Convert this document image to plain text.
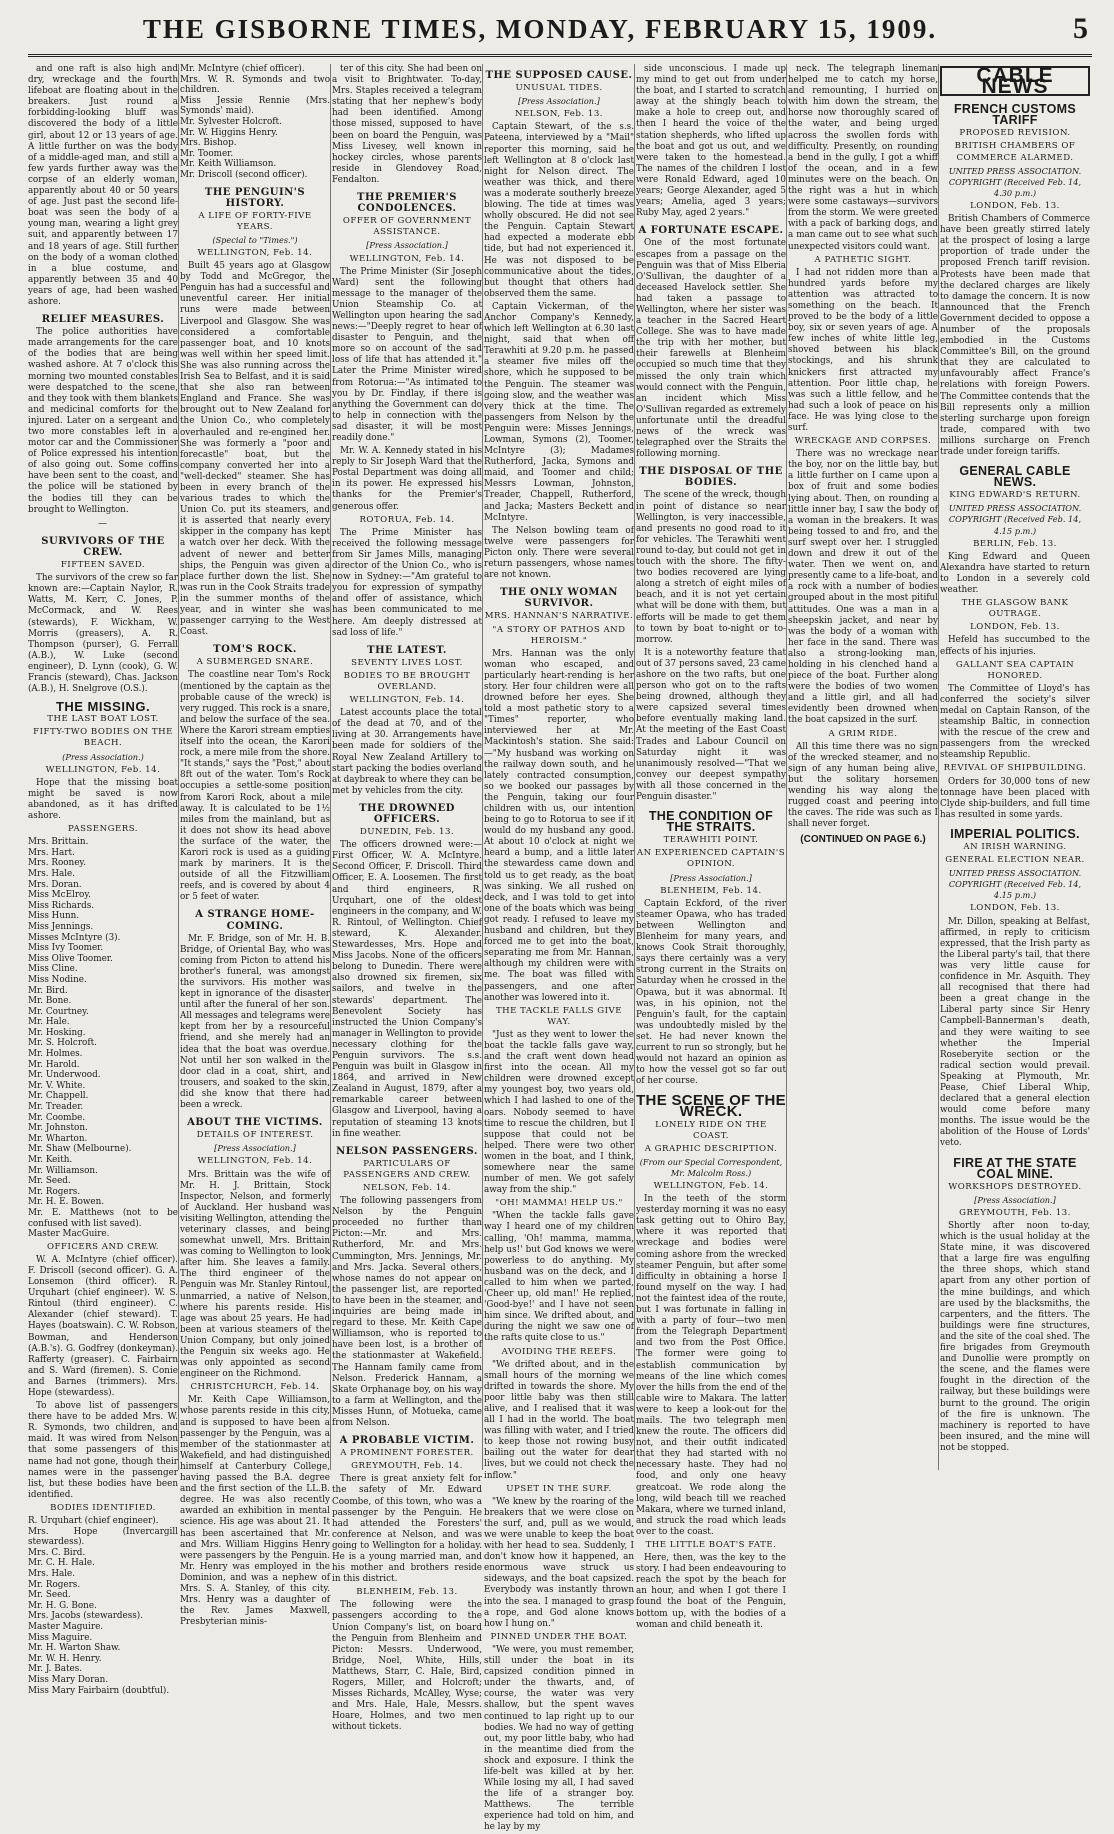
THE GISBORNE TIMES, MONDAY, FEBRUARY 15, 1909.	5

and one raft is also high and dry, wreckage and the fourth lifeboat are floating about in the breakers. Just round a forbidding-looking bluff was discovered the body of a little girl, about 12 or 13 years of age. A little further on was the body of a middle-aged man, and still a few yards further away was the corpse of an elderly woman, apparently about 40 or 50 years of age. Just past the second life-boat was seen the body of a young man, wearing a light grey suit, and apparently between 17 and 18 years of age. Still further on the body of a woman clothed in a blue costume, and apparently between 35 and 40 years of age, had been washed ashore.

RELIEF MEASURES.

The police authorities have made arrangements for the care of the bodies that are being washed ashore. At 7 o'clock this morning two mounted constables were despatched to the scene, and they took with them blankets and medicinal comforts for the injured. Later on a sergeant and two more constables left in a motor car and the Commissioner of Police expressed his intention of also going out. Some coffins have been sent to the coast, and the police will be stationed by the bodies till they can be brought to Wellington.

—
SURVIVORS OF THE CREW.
FIFTEEN SAVED.

The survivors of the crew so far known are:—Captain Naylor, R. Watts, M. Kerr, C. Jones, P. McCormack, and W. Rees (stewards), F. Wickham, W. Morris (greasers), A. R. Thompson (purser), G. Ferrall (A.B.), W. Luke (second engineer), D. Lynn (cook), G. W. Francis (steward), Chas. Jackson (A.B.), H. Snelgrove (O.S.).

THE MISSING.
THE LAST BOAT LOST.
FIFTY-TWO BODIES ON THE BEACH.
(Press Association.)
WELLINGTON, Feb. 14.

Hope that the missing boat might be saved is now abandoned, as it has drifted ashore.

PASSENGERS.

Mrs. Brittain.

Mrs. Hart.

Mrs. Rooney.

Mrs. Hale.

Mrs. Doran.

Miss McElroy.

Miss Richards.

Miss Hunn.

Miss Jennings.

Misses McIntyre (3).

Miss Ivy Toomer.

Miss Olive Toomer.

Miss Cline.

Miss Nodine.

Mr. Bird.

Mr. Bone.

Mr. Courtney.

Mr. Hale.

Mr. Hosking.

Mr. S. Holcroft.

Mr. Holmes.

Mr. Harold.

Mr. Underwood.

Mr. V. White.

Mr. Chappell.

Mr. Treader.

Mr. Coombe.

Mr. Johnston.

Mr. Wharton.

Mr. Shaw (Melbourne).

Mr. Keith.

Mr. Williamson.

Mr. Seed.

Mr. Rogers.

Mr. H. E. Bowen.

Mr. E. Matthews (not to be confused with list saved).

Master MacGuire.

OFFICERS AND CREW.

W. A. McIntyre (chief officer). F. Driscoll (second officer). G. A. Lonsemon (third officer). R. Urquhart (chief engineer). W. S. Rintoul (third engineer). C. Alexander (chief steward). T. Hayes (boatswain). C. W. Robson, Bowman, and Henderson (A.B.'s). G. Godfrey (donkeyman). Rafferty (greaser). C. Fairbairn and S. Ward (firemen). S. Conie and Barnes (trimmers). Mrs. Hope (stewardess).

To above list of passengers there have to be added Mrs. W. R. Symonds, two children, and maid. It was wired from Nelson that some passengers of this name had not gone, though their names were in the passenger list, but these bodies have been identified.

BODIES IDENTIFIED.

R. Urquhart (chief engineer).

Mrs. Hope (Invercargill stewardess).

Mrs. C. Bird.

Mr. C. H. Hale.

Mrs. Hale.

Mr. Rogers.

Mr. Seed.

Mr. H. G. Bone.

Mrs. Jacobs (stewardess).

Master Maguire.

Miss Maguire.

Mr. H. Warton Shaw.

Mr. W. H. Henry.

Mr. J. Bates.

Miss Mary Doran.

Miss Mary Fairbairn (doubtful).

Mr. McIntyre (chief officer).

Mrs. W. R. Symonds and two children.

Miss Jessie Rennie (Mrs. Symonds' maid).

Mr. Sylvester Holcroft.

Mr. W. Higgins Henry.

Mrs. Bishop.

Mr. Toomer.

Mr. Keith Williamson.

Mr. Driscoll (second officer).

THE PENGUIN'S HISTORY.
A LIFE OF FORTY-FIVE YEARS.
(Special to "Times.")
WELLINGTON, Feb. 14.

Built 45 years ago at Glasgow by Todd and McGregor, the Penguin has had a successful and uneventful career. Her initial runs were made between Liverpool and Glasgow. She was considered a comfortable passenger boat, and 10 knots was well within her speed limit. She was also running across the Irish Sea to Belfast, and it is said that she also ran between England and France. She was brought out to New Zealand for the Union Co., who completely overhauled and re-engined her. She was formerly a "poor and forecastle" boat, but the company converted her into a "well-decked" steamer. She has been in every branch of the various trades to which the Union Co. put its steamers, and it is asserted that nearly every skipper in the company has kept a watch over her deck. With the advent of newer and better ships, the Penguin was given a place further down the list. She was run in the Cook Straits trade in the summer months of the year, and in winter she was passenger carrying to the West Coast.

TOM'S ROCK.
A SUBMERGED SNARE.

The coastline near Tom's Rock (mentioned by the captain as the probable cause of the wreck) is very rugged. This rock is a snare, and below the surface of the sea. Where the Karori stream empties itself into the ocean, the Karori rock, a mere mile from the shore. "It stands," says the "Post," about 8ft out of the water. Tom's Rock occupies a settle-some position from Karori Rock, about a mile away. It is calculated to be 1½ miles from the mainland, but as it does not show its head above the surface of the water, the Karori rock is used as a guiding mark by mariners. It is the outside of all the Fitzwilliam reefs, and is covered by about 4 or 5 feet of water.

A STRANGE HOME-COMING.

Mr. F. Bridge, son of Mr. H. B. Bridge, of Oriental Bay, who was coming from Picton to attend his brother's funeral, was amongst the survivors. His mother was kept in ignorance of the disaster until after the funeral of her son. All messages and telegrams were kept from her by a resourceful friend, and she merely had an idea that the boat was overdue. Not until her son walked in the door clad in a coat, shirt, and trousers, and soaked to the skin, did she know that there had been a wreck.

ABOUT THE VICTIMS.
DETAILS OF INTEREST.
[Press Association.]
WELLINGTON, Feb. 14.

Mrs. Brittain was the wife of Mr. H. J. Brittain, Stock Inspector, Nelson, and formerly of Auckland. Her husband was visiting Wellington, attending the veterinary classes, and being somewhat unwell, Mrs. Brittain was coming to Wellington to look after him. She leaves a family. The third engineer of the Penguin was Mr. Stanley Rintoul, unmarried, a native of Nelson, where his parents reside. His age was about 25 years. He had been at various steamers of the Union Company, but only joined the Penguin six weeks ago. He was only appointed as second engineer on the Richmond.

CHRISTCHURCH, Feb. 14.

Mr. Keith Cape Williamson, whose parents reside in this city, and is supposed to have been a passenger by the Penguin, was a member of the stationmaster at Wakefield, and had distinguished himself at Canterbury College, having passed the B.A. degree and the first section of the LL.B. degree. He was also recently awarded an exhibition in mental science. His age was about 21. It has been ascertained that Mr. and Mrs. William Higgins Henry were passengers by the Penguin. Mr. Henry was employed in the Dominion, and was a nephew of Mrs. S. A. Stanley, of this city. Mrs. Henry was a daughter of the Rev. James Maxwell, Presbyterian minis-

ter of this city. She had been on a visit to Brightwater. To-day, Mrs. Staples received a telegram stating that her nephew's body had been identified. Among those missed, supposed to have been on board the Penguin, was Miss Livesey, well known in hockey circles, whose parents reside in Glendovey Road, Fendalton.

THE PREMIER'S CONDOLENCES.
OFFER OF GOVERNMENT ASSISTANCE.
[Press Association.]
WELLINGTON, Feb. 14.

The Prime Minister (Sir Joseph Ward) sent the following message to the manager of the Union Steamship Co. at Wellington upon hearing the sad news:—"Deeply regret to hear of disaster to Penguin, and the more so on account of the sad loss of life that has attended it." Later the Prime Minister wired from Rotorua:—"As intimated to you by Dr. Findlay, if there is anything the Government can do to help in connection with the sad disaster, it will be most readily done."

Mr. W. A. Kennedy stated in his reply to Sir Joseph Ward that the Postal Department was doing all in its power. He expressed his thanks for the Premier's generous offer.

ROTORUA, Feb. 14.

The Prime Minister has received the following message from Sir James Mills, managing director of the Union Co., who is now in Sydney:—"Am grateful to you for expression of sympathy and offer of assistance, which has been communicated to me here. Am deeply distressed at sad loss of life."

THE LATEST.
SEVENTY LIVES LOST.
BODIES TO BE BROUGHT OVERLAND.
WELLINGTON, Feb. 14.

Latest accounts place the total of the dead at 70, and of the living at 30. Arrangements have been made for soldiers of the Royal New Zealand Artillery to start packing the bodies overland at daybreak to where they can be met by vehicles from the city.

THE DROWNED OFFICERS.
DUNEDIN, Feb. 13.

The officers drowned were:—First Officer, W. A. McIntyre. Second Officer, F. Driscoll. Third Officer, E. A. Loosemen. The first and third engineers, R. Urquhart, one of the oldest engineers in the company, and W. R. Rintoul, of Wellington. Chief steward, K. Alexander. Stewardesses, Mrs. Hope and Miss Jacobs. None of the officers belong to Dunedin. There were also drowned six firemen, six sailors, and twelve in the stewards' department. The Benevolent Society has instructed the Union Company's manager in Wellington to provide necessary clothing for the Penguin survivors. The s.s. Penguin was built in Glasgow in 1864, and arrived in New Zealand in August, 1879, after a remarkable career between Glasgow and Liverpool, having a reputation of steaming 13 knots in fine weather.

NELSON PASSENGERS.
PARTICULARS OF PASSENGERS AND CREW.
NELSON, Feb. 14.

The following passengers from Nelson by the Penguin proceeded no further than Picton:—Mr. and Mrs. Rutherford, Mr. and Mrs. Cummington, Mrs. Jennings, Mr. and Mrs. Jacka. Several others, whose names do not appear on the passenger list, are reported to have been in the steamer, and inquiries are being made in regard to these. Mr. Keith Cape Williamson, who is reported to have been lost, is a brother of the stationmaster at Wakefield. The Hannam family came from Nelson. Frederick Hannam, a Skate Orphanage boy, on his way to a farm at Wellington, and the Misses Hunn, of Motueka, came from Nelson.

A PROBABLE VICTIM.
A PROMINENT FORESTER.
GREYMOUTH, Feb. 14.

There is great anxiety felt for the safety of Mr. Edward Coombe, of this town, who was a passenger by the Penguin. He had attended the Foresters' conference at Nelson, and was going to Wellington for a holiday. He is a young married man, and his mother and brothers reside in this district.

BLENHEIM, Feb. 13.

The following were the passengers according to the Union Company's list, on board the Penguin from Blenheim and Picton: Messrs. Underwood, Bridge, Noel, White, Hills, Matthews, Starr, C. Hale, Bird, Rogers, Miller, and Holcroft; Misses Richards, McAlley, Wyse; and Mrs. Hale, Hale, Messrs. Hoare, Holmes, and two men without tickets.

THE SUPPOSED CAUSE.
UNUSUAL TIDES.
[Press Association.]
NELSON, Feb. 13.

Captain Stewart, of the s.s. Pateena, interviewed by a "Mail" reporter this morning, said he left Wellington at 8 o'clock last night for Nelson direct. The weather was thick, and there was a moderate southerly breeze blowing. The tide at times was wholly obscured. He did not see the Penguin. Captain Stewart had expected a moderate ebb tide, but had not experienced it. He was not disposed to be communicative about the tides, but thought that others had observed them the same.

Captain Vickerman, of the Anchor Company's Kennedy, which left Wellington at 6.30 last night, said that when off Terawhiti at 9.20 p.m. he passed a steamer five miles off the shore, which he supposed to be the Penguin. The steamer was going slow, and the weather was very thick at the time. The passengers from Nelson by the Penguin were: Misses Jennings, Lowman, Symons (2), Toomer, McIntyre (3); Madames Rutherford, Jacka, Symons and maid, and Toomer and child; Messrs Lowman, Johnston, Treader, Chappell, Rutherford, and Jacka; Masters Beckett and McIntyre.

The Nelson bowling team of twelve were passengers for Picton only. There were several return passengers, whose names are not known.

THE ONLY WOMAN SURVIVOR.
MRS. HANNAN'S NARRATIVE.
"A STORY OF PATHOS AND HEROISM."

Mrs. Hannan was the only woman who escaped, and particularly heart-rending is her story. Her four children were all drowned before her eyes. She told a most pathetic story to a "Times" reporter, who interviewed her at Mr. Mackintosh's station. She said:—"My husband was working on the railway down south, and he lately contracted consumption, so we booked our passages by the Penguin, taking our four children with us, our intention being to go to Rotorua to see if it would do my husband any good. At about 10 o'clock at night we heard a bump, and a little later the stewardess came down and told us to get ready, as the boat was sinking. We all rushed on deck, and I was told to get into one of the boats which was being got ready. I refused to leave my husband and children, but they forced me to get into the boat, separating me from Mr. Hannan, although my children were with me. The boat was filled with passengers, and one after another was lowered into it.

THE TACKLE FALLS GIVE WAY.

"Just as they went to lower the boat the tackle falls gave way, and the craft went down head first into the ocean. All my children were drowned except my youngest boy, two years old, which I had lashed to one of the oars. Nobody seemed to have time to rescue the children, but I suppose that could not be helped. There were two other women in the boat, and I think, somewhere near the same number of men. We got safely away from the ship."

"OH! MAMMA! HELP US."

"When the tackle falls gave way I heard one of my children calling, 'Oh! mamma, mamma, help us!' but God knows we were powerless to do anything. My husband was on the deck, and I called to him when we parted, 'Cheer up, old man!' He replied, 'Good-bye!' and I have not seen him since. We drifted about, and during the night we saw one of the rafts quite close to us."

AVOIDING THE REEFS.

"We drifted about, and in the small hours of the morning we drifted in towards the shore. My poor little baby was then still alive, and I realised that it was all I had in the world. The boat was filling with water, and I tried to keep those not rowing busy bailing out the water for dear lives, but we could not check the inflow."

UPSET IN THE SURF.

"We knew by the roaring of the breakers that we were close on the surf, and, pull as we would, we were unable to keep the boat with her head to sea. Suddenly, I don't know how it happened, an enormous wave struck us sideways, and the boat capsized. Everybody was instantly thrown into the sea. I managed to grasp a rope, and God alone knows how I hung on."

PINNED UNDER THE BOAT.

"We were, you must remember, still under the boat in its capsized condition pinned in under the thwarts, and, of course, the water was very shallow, but the spent waves continued to lap right up to our bodies. We had no way of getting out, my poor little baby, who had in the meantime died from the shock and exposure. I think the life-belt was killed at by her. While losing my all, I had saved the life of a stranger boy. Matthews. The terrible experience had told on him, and he lay by my

side unconscious. I made up my mind to get out from under the boat, and I started to scratch away at the shingly beach to make a hole to creep out, and then I heard the voice of the station shepherds, who lifted up the boat and got us out, and we were taken to the homestead. The names of the children I lost were Ronald Edward, aged 10 years; George Alexander, aged 5 years; Amelia, aged 3 years; Ruby May, aged 2 years."

A FORTUNATE ESCAPE.

One of the most fortunate escapes from a passage on the Penguin was that of Miss Elberia O'Sullivan, the daughter of a deceased Havelock settler. She had taken a passage to Wellington, where her sister was a teacher in the Sacred Heart College. She was to have made the trip with her mother, but their farewells at Blenheim occupied so much time that they missed the only train which would connect with the Penguin, an incident which Miss O'Sullivan regarded as extremely unfortunate until the dreadful news of the wreck was telegraphed over the Straits the following morning.

THE DISPOSAL OF THE BODIES.

The scene of the wreck, though in point of distance so near Wellington, is very inaccessible, and presents no good road to it for vehicles. The Terawhiti went round to-day, but could not get in touch with the shore. The fifty-two bodies recovered are lying along a stretch of eight miles of beach, and it is not yet certain what will be done with them, but efforts will be made to get them to town by boat to-night or to-morrow.

It is a noteworthy feature that out of 37 persons saved, 23 came ashore on the two rafts, but one person who got on to the rafts being drowned, although they were capsized several times before eventually making land. At the meeting of the East Coast Trades and Labour Council on Saturday night it was unanimously resolved—"That we convey our deepest sympathy with all those concerned in the Penguin disaster."

THE CONDITION OF THE STRAITS.
TERAWHITI POINT.
AN EXPERIENCED CAPTAIN'S OPINION.
[Press Association.]
BLENHEIM, Feb. 14.

Captain Eckford, of the river steamer Opawa, who has traded between Wellington and Blenheim for many years, and knows Cook Strait thoroughly, says there certainly was a very strong current in the Straits on Saturday when he crossed in the Opawa, but it was abnormal. It was, in his opinion, not the Penguin's fault, for the captain was undoubtedly misled by the set. He had never known the current to run so strongly, but he would not hazard an opinion as to how the vessel got so far out of her course.

THE SCENE OF THE WRECK.
LONELY RIDE ON THE COAST.
A GRAPHIC DESCRIPTION.
(From our Special Correspondent, Mr. Malcolm Ross.)
WELLINGTON, Feb. 14.

In the teeth of the storm yesterday morning it was no easy task getting out to Ohiro Bay, where it was reported that wreckage and bodies were coming ashore from the wrecked steamer Penguin, but after some difficulty in obtaining a horse I found myself on the way. I had not the faintest idea of the route, but I was fortunate in falling in with a party of four—two men from the Telegraph Department and two from the Post Office. The former were going to establish communication by means of the line which comes over the hills from the end of the cable wire to Makara. The latter were to keep a look-out for the mails. The two telegraph men knew the route. The officers did not, and their outfit indicated that they had started with no necessary haste. They had no food, and only one heavy greatcoat. We rode along the long, wild beach till we reached Makara, where we turned inland, and struck the road which leads over to the coast.

THE LITTLE BOAT'S FATE.

Here, then, was the key to the story. I had been endeavouring to reach the spot by the beach for an hour, and when I got there I found the boat of the Penguin, bottom up, with the bodies of a woman and child beneath it.

neck. The telegraph lineman helped me to catch my horse, and remounting, I hurried on with him down the stream, the horse now thoroughly scared of the water, and being urged across the swollen fords with difficulty. Presently, on rounding a bend in the gully, I got a whiff of the ocean, and in a few minutes were on the beach. On the right was a hut in which were some castaways—survivors from the storm. We were greeted with a pack of barking dogs, and a man came out to see what such unexpected visitors could want.

A PATHETIC SIGHT.

I had not ridden more than a hundred yards before my attention was attracted to something on the beach. It proved to be the body of a little boy, six or seven years of age. A few inches of white little leg, shoved between his black stockings, and his shrunk knickers first attracted my attention. Poor little chap, he was such a little fellow, and he had such a look of peace on his face. He was lying close to the surf.

WRECKAGE AND CORPSES.

There was no wreckage near the boy, nor on the little bay, but a little further on I came upon a box of fruit and some bodies lying about. Then, on rounding a little inner bay, I saw the body of a woman in the breakers. It was being tossed to and fro, and the surf swept over her. I struggled down and drew it out of the water. Then we went on, and presently came to a life-boat, and a rock with a number of bodies grouped about in the most pitiful attitudes. One was a man in a sheepskin jacket, and near by was the body of a woman with her face in the sand. There was also a strong-looking man, holding in his clenched hand a piece of the boat. Further along were the bodies of two women and a little girl, and all had evidently been drowned when the boat capsized in the surf.

A GRIM RIDE.

All this time there was no sign of the wrecked steamer, and no sign of any human being alive, but the solitary horsemen wending his way along the rugged coast and peering into the caves. The ride was such as I shall never forget.

(CONTINUED ON PAGE 6.)
CABLE NEWS
FRENCH CUSTOMS TARIFF
PROPOSED REVISION.
BRITISH CHAMBERS OF COMMERCE ALARMED.
UNITED PRESS ASSOCIATION. COPYRIGHT (Received Feb. 14, 4.30 p.m.)
LONDON, Feb. 13.

British Chambers of Commerce have been greatly stirred lately at the prospect of losing a large proportion of trade under the proposed French tariff revision. Protests have been made that the declared charges are likely to damage the concern. It is now announced that the French Government decided to oppose a number of the proposals embodied in the Customs Committee's Bill, on the ground that they are calculated to unfavourably affect France's relations with foreign Powers. The Committee contends that the Bill represents only a million sterling surcharge upon foreign trade, compared with two millions surcharge on French trade under foreign tariffs.

GENERAL CABLE NEWS.
KING EDWARD'S RETURN.
UNITED PRESS ASSOCIATION. COPYRIGHT (Received Feb. 14, 4.15 p.m.)
BERLIN, Feb. 13.

King Edward and Queen Alexandra have started to return to London in a severely cold weather.

THE GLASGOW BANK OUTRAGE.
LONDON, Feb. 13.

Hefeld has succumbed to the effects of his injuries.

GALLANT SEA CAPTAIN HONORED.

The Committee of Lloyd's has conferred the society's silver medal on Captain Ranson, of the steamship Baltic, in connection with the rescue of the crew and passengers from the wrecked steamship Republic.

REVIVAL OF SHIPBUILDING.

Orders for 30,000 tons of new tonnage have been placed with Clyde ship-builders, and full time has resulted in some yards.

IMPERIAL POLITICS.
AN IRISH WARNING.
GENERAL ELECTION NEAR.
UNITED PRESS ASSOCIATION. COPYRIGHT (Received Feb. 14, 4.15 p.m.)
LONDON, Feb. 13.

Mr. Dillon, speaking at Belfast, affirmed, in reply to criticism expressed, that the Irish party as the Liberal party's tail, that there was very little cause for confidence in Mr. Asquith. They all recognised that there had been a great change in the Liberal party since Sir Henry Campbell-Bannerman's death, and they were waiting to see whether the Imperial Roseberyite section or the radical section would prevail. Speaking at Plymouth, Mr. Pease, Chief Liberal Whip, declared that a general election would come before many months. The issue would be the abolition of the House of Lords' veto.

FIRE AT THE STATE COAL MINE.
WORKSHOPS DESTROYED.
[Press Association.]
GREYMOUTH, Feb. 13.

Shortly after noon to-day, which is the usual holiday at the State mine, it was discovered that a large fire was engulfing the three shops, which stand apart from any other portion of the mine buildings, and which are used by the blacksmiths, the carpenters, and the fitters. The buildings were fine structures, and the site of the coal shed. The fire brigades from Greymouth and Dunollie were promptly on the scene, and the flames were fought in the direction of the railway, but these buildings were burnt to the ground. The origin of the fire is unknown. The machinery is reported to have been insured, and the mine will not be stopped.
